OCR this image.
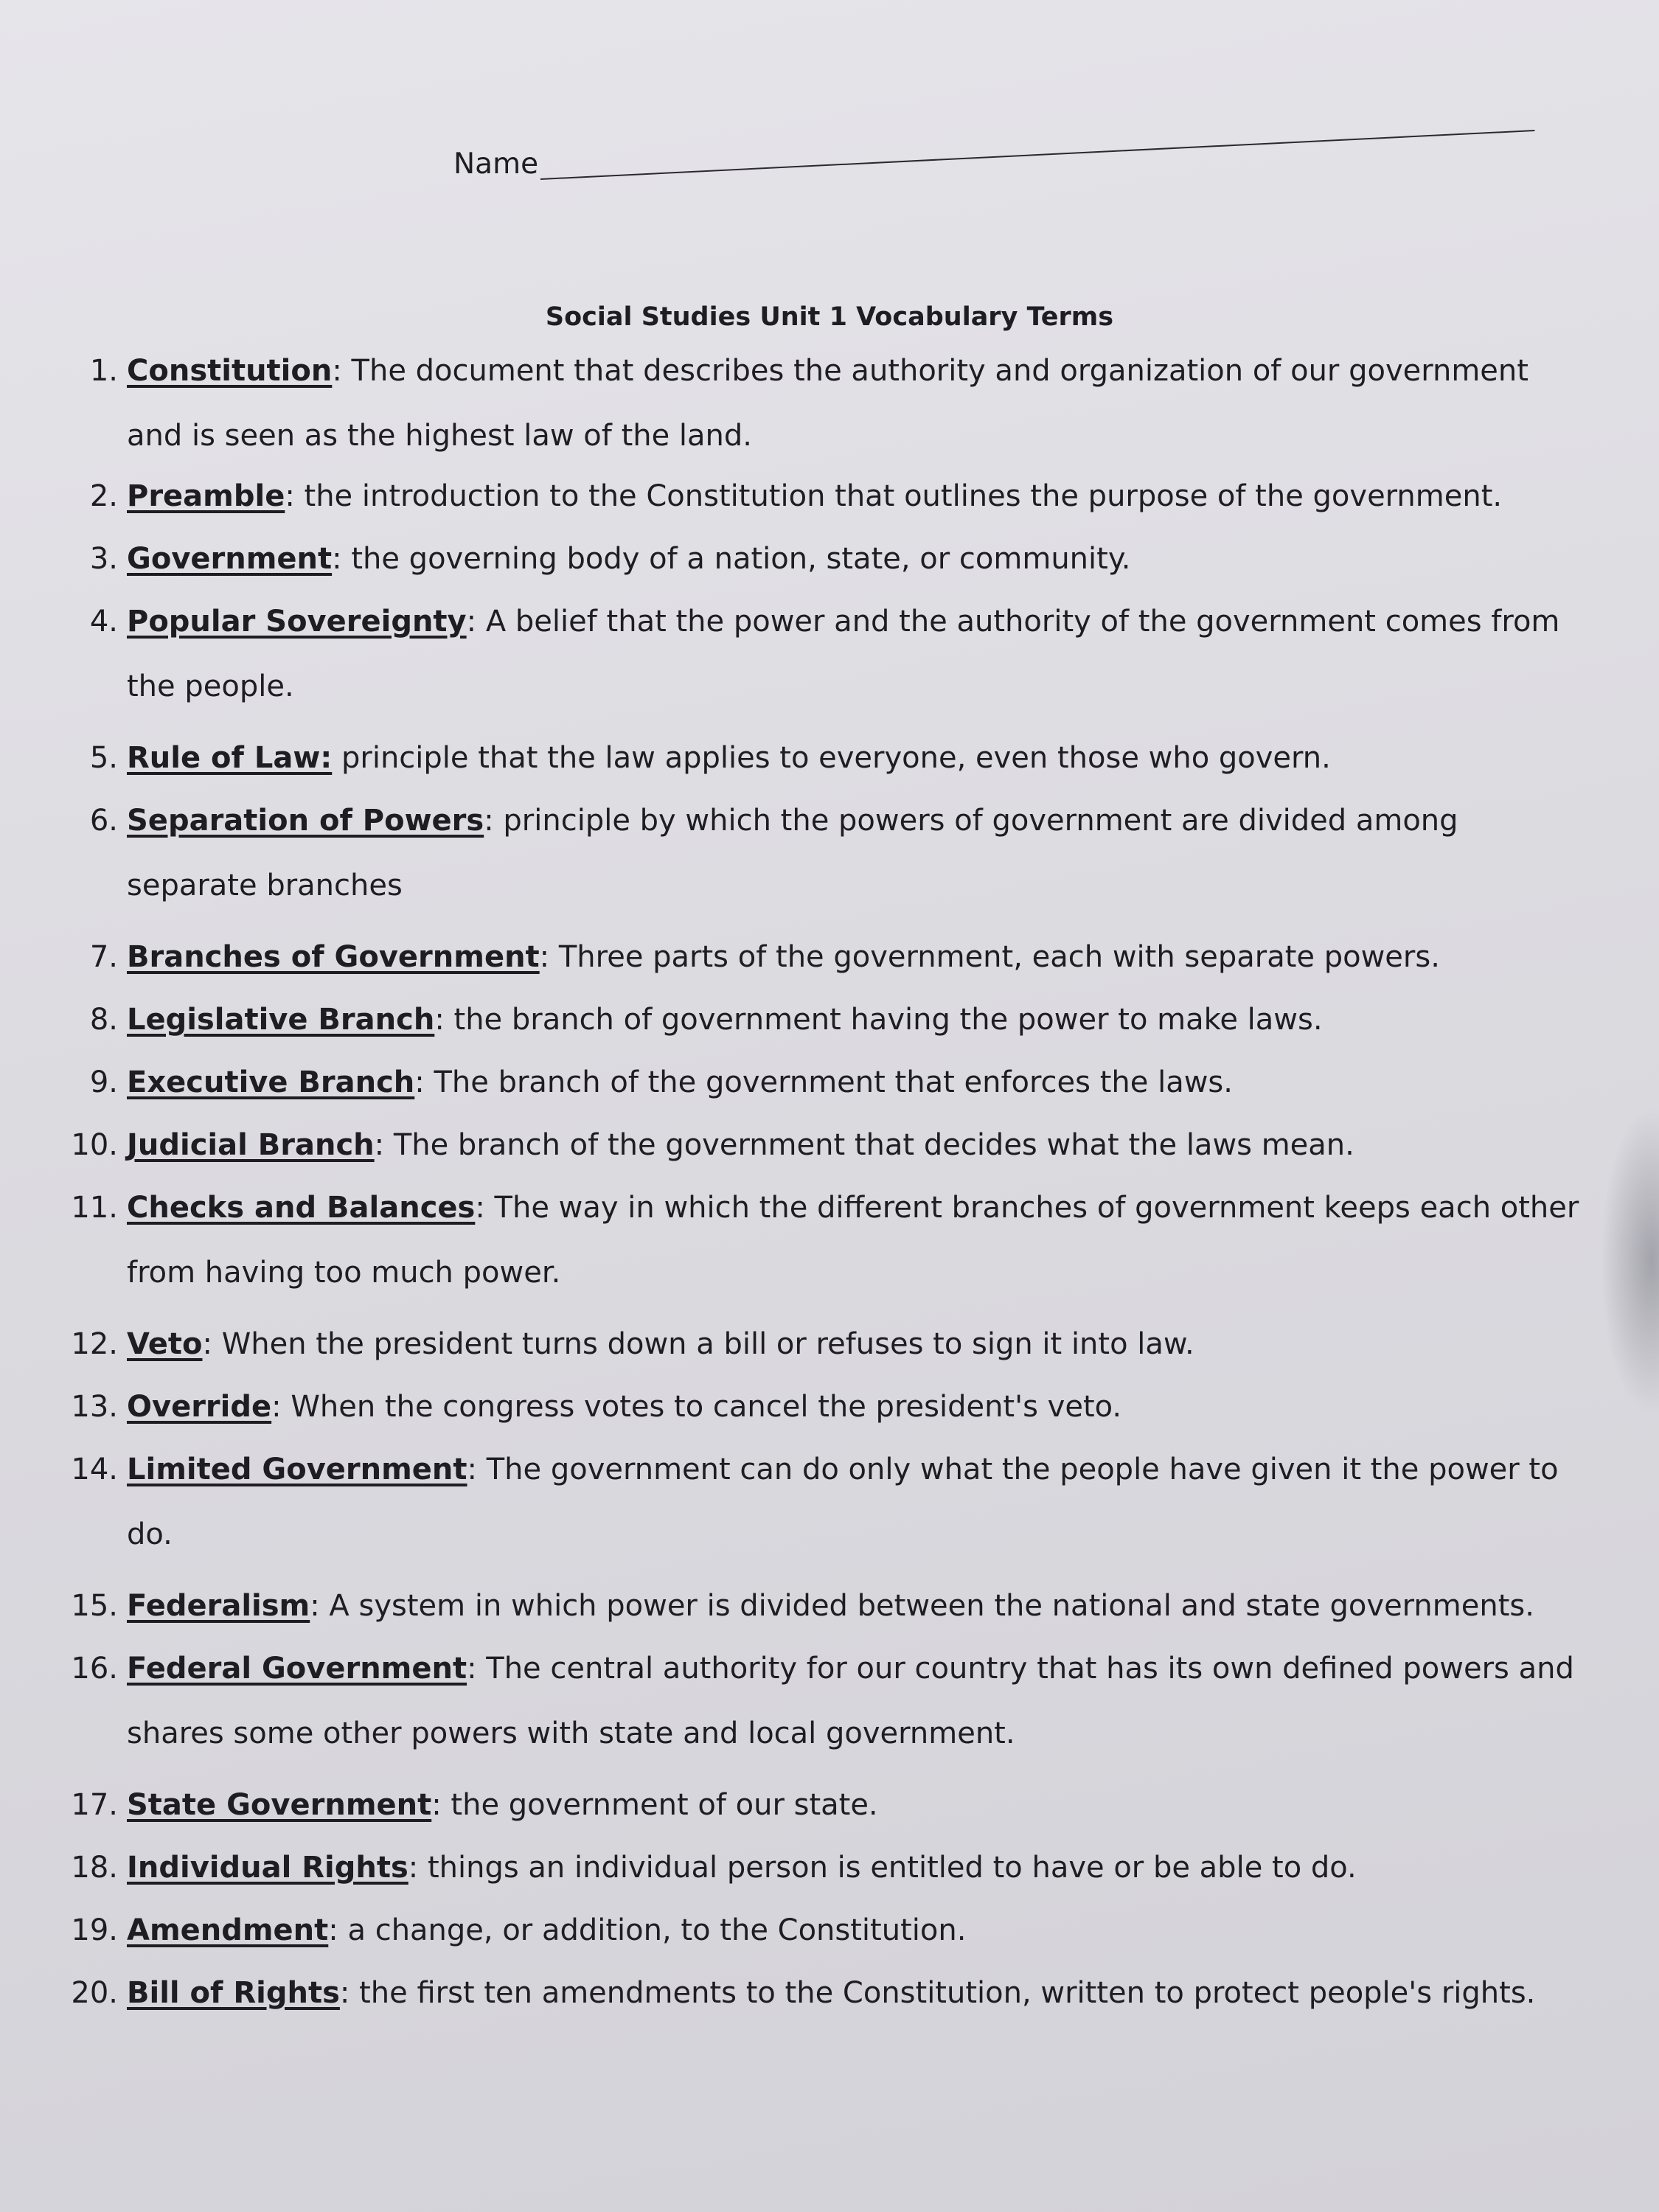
Name
Social Studies Unit 1 Vocabulary Terms
1. Constitution: The document that describes the authority and organization of our government
and is seen as the highest law of the land.
2. Preamble: the introduction to the Constitution that outlines the purpose of the government.
3. Government: the governing body of a nation, state, or community.
4. Popular Sovereignty: A belief that the power and the authority of the government comes from
the people.
5. Rule of Law: principle that the law applies to everyone, even those who govern.
6. Separation of Powers: principle by which the powers of government are divided among
separate branches
7. Branches of Government: Three parts of the government, each with separate powers.
8. Legislative Branch: the branch of government having the power to make laws.
9. Executive Branch: The branch of the government that enforces the laws.
10. Judicial Branch: The branch of the government that decides what the laws mean.
11. Checks and Balances: The way in which the different branches of government keeps each other
from having too much power.
12. Veto: When the president turns down a bill or refuses to sign it into law.
13. Override: When the congress votes to cancel the president's veto.
14. Limited Government: The government can do only what the people have given it the power to
do.
15. Federalism: A system in which power is divided between the national and state governments.
16. Federal Government: The central authority for our country that has its own defined powers and
shares some other powers with state and local government.
17. State Government: the government of our state.
18. Individual Rights: things an individual person is entitled to have or be able to do.
19. Amendment: a change, or addition, to the Constitution.
20. Bill of Rights: the first ten amendments to the Constitution, written to protect people's rights.
